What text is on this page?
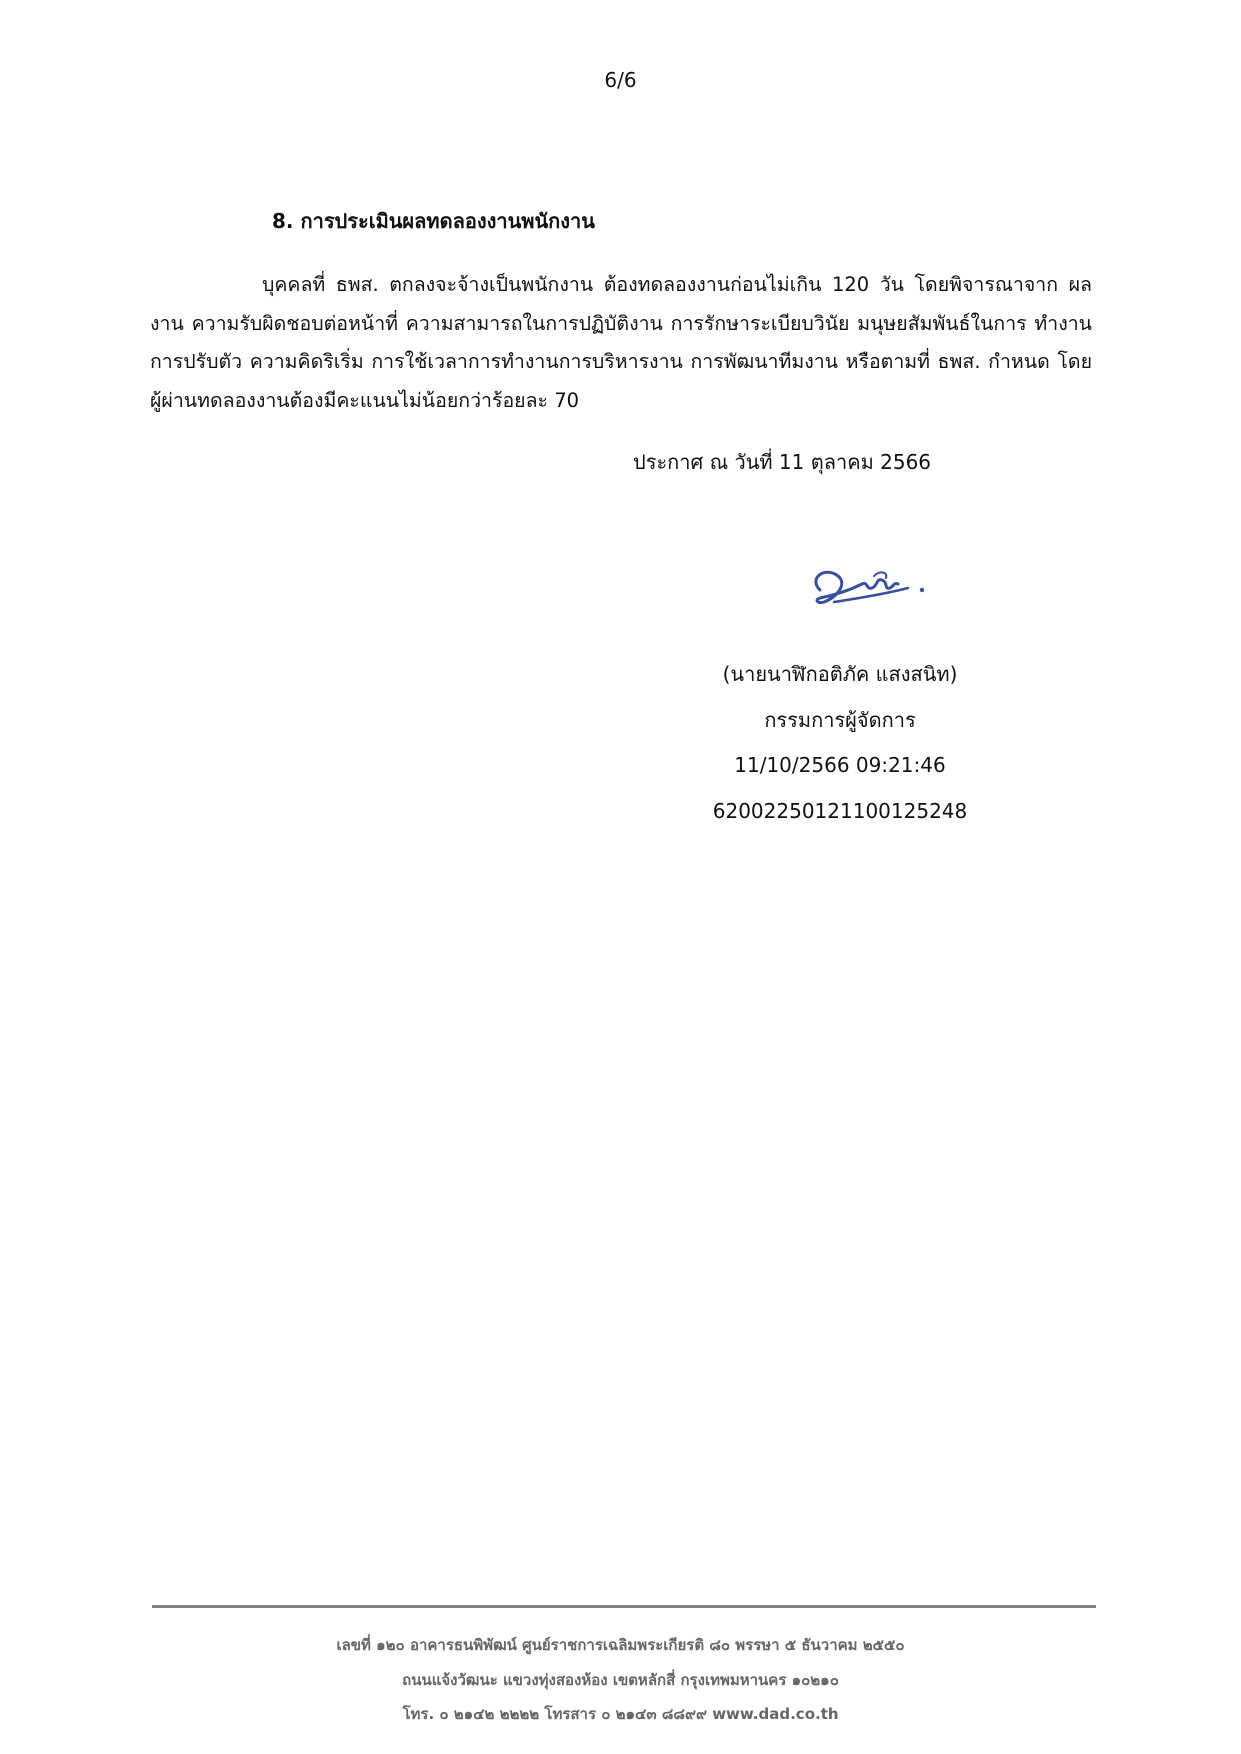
6/6
8. การประเมินผลทดลองงานพนักงาน

บุคคลที่ ธพส. ตกลงจะจ้างเป็นพนักงาน ต้องทดลองงานก่อนไม่เกิน 120 วัน โดยพิจารณาจาก ผลงาน ความรับผิดชอบต่อหน้าที่ ความสามารถในการปฏิบัติงาน การรักษาระเบียบวินัย มนุษยสัมพันธ์ในการ ทำงาน การปรับตัว ความคิดริเริ่ม การใช้เวลาการทำงานการบริหารงาน การพัฒนาทีมงาน หรือตามที่ ธพส. กำหนด โดยผู้ผ่านทดลองงานต้องมีคะแนนไม่น้อยกว่าร้อยละ 70

ประกาศ ณ วันที่ 11 ตุลาคม 2566
(นายนาฬิกอติภัค แสงสนิท)
กรรมการผู้จัดการ
11/10/2566 09:21:46
62002250121100125248
เลขที่ ๑๒๐ อาคารธนพิพัฒน์ ศูนย์ราชการเฉลิมพระเกียรติ ๘๐ พรรษา ๕ ธันวาคม ๒๕๕๐
ถนนแจ้งวัฒนะ แขวงทุ่งสองห้อง เขตหลักสี่ กรุงเทพมหานคร ๑๐๒๑๐
โทร. ๐ ๒๑๔๒ ๒๒๒๒ โทรสาร ๐ ๒๑๔๓ ๘๘๙๙ www.dad.co.th
